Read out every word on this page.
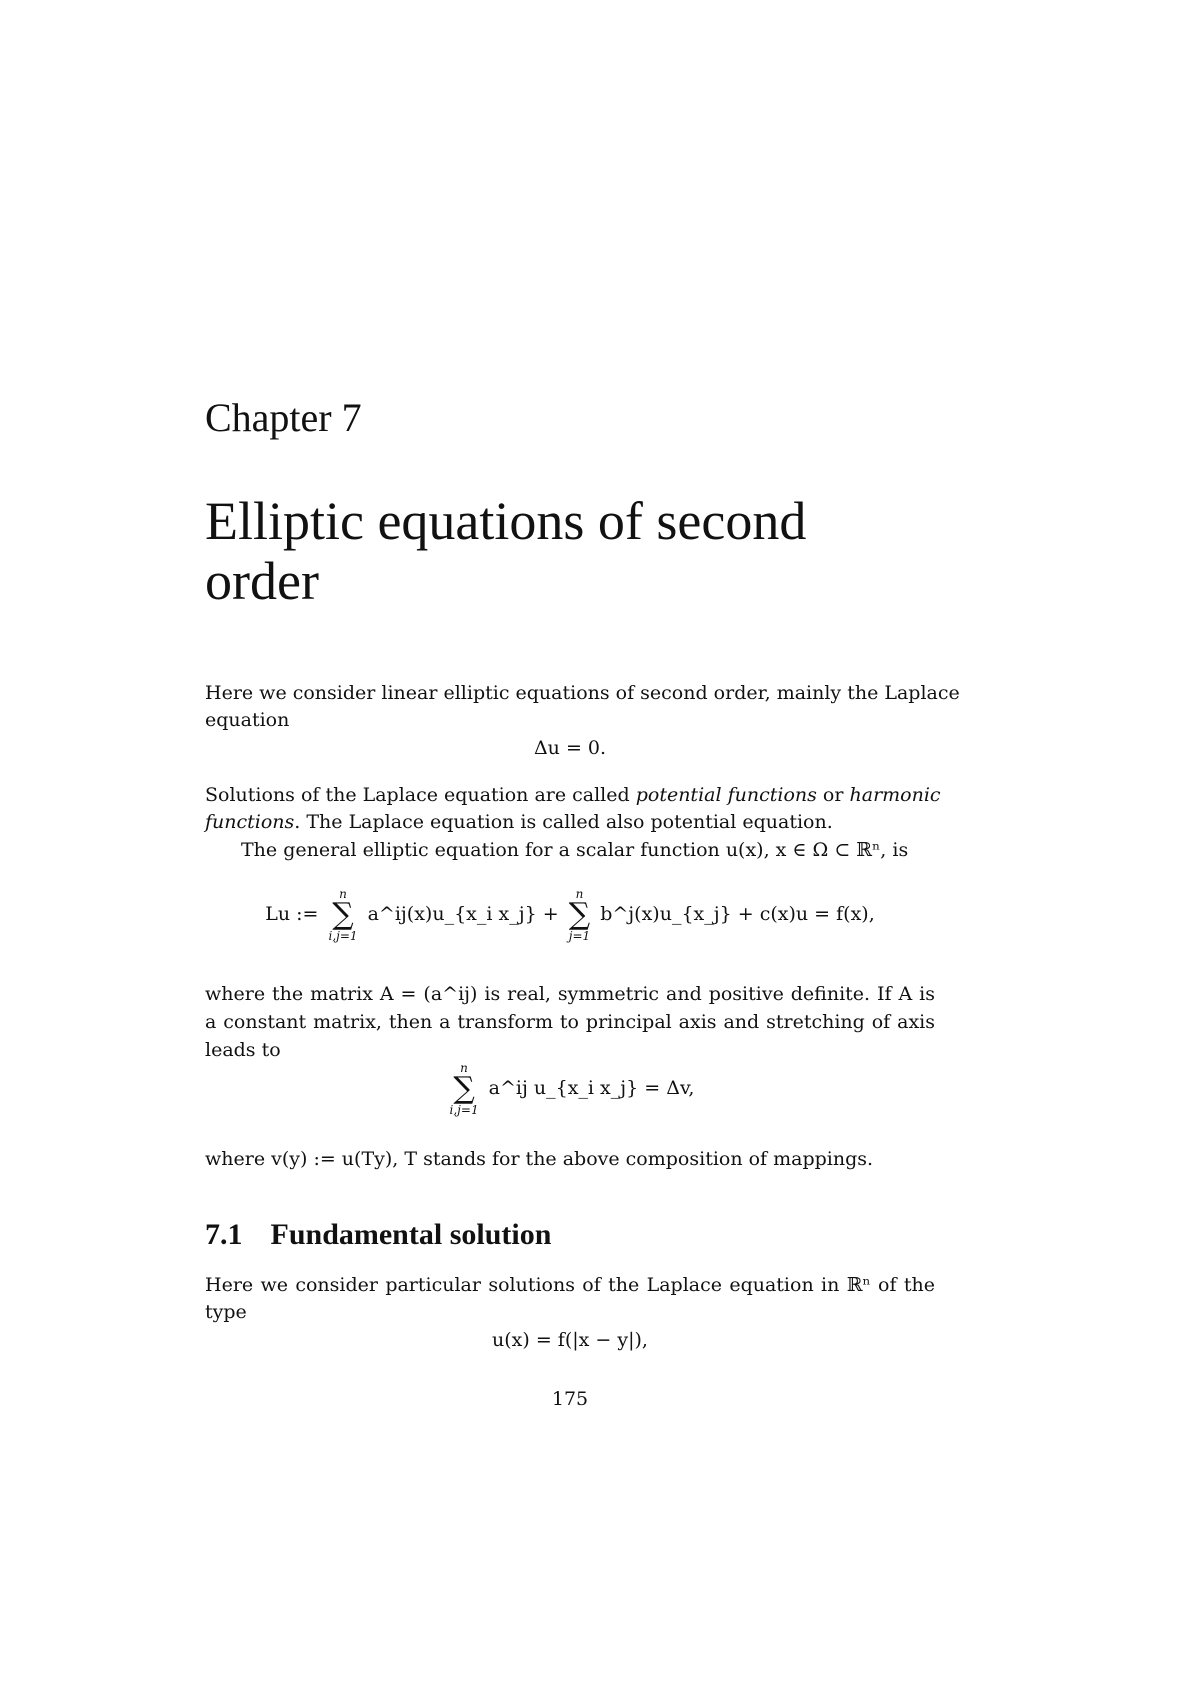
Chapter 7
Elliptic equations of second
order
Here we consider linear elliptic equations of second order, mainly the Laplace
equation
Δu = 0.
Solutions of the Laplace equation are called potential functions or harmonic
functions. The Laplace equation is called also potential equation.
The general elliptic equation for a scalar function u(x), x ∈ Ω ⊂ ℝⁿ, is
Lu :=
n
∑
i,j=1
a^ij(x)u_{x_i x_j} +
n
∑
j=1
b^j(x)u_{x_j} + c(x)u = f(x),
where the matrix A = (a^ij) is real, symmetric and positive definite. If A is
a constant matrix, then a transform to principal axis and stretching of axis
leads to
n
∑
i,j=1
a^ij u_{x_i x_j} = Δv,
where v(y) := u(Ty), T stands for the above composition of mappings.
7.1 Fundamental solution
Here we consider particular solutions of the Laplace equation in ℝⁿ of the
type
u(x) = f(|x − y|),
175
